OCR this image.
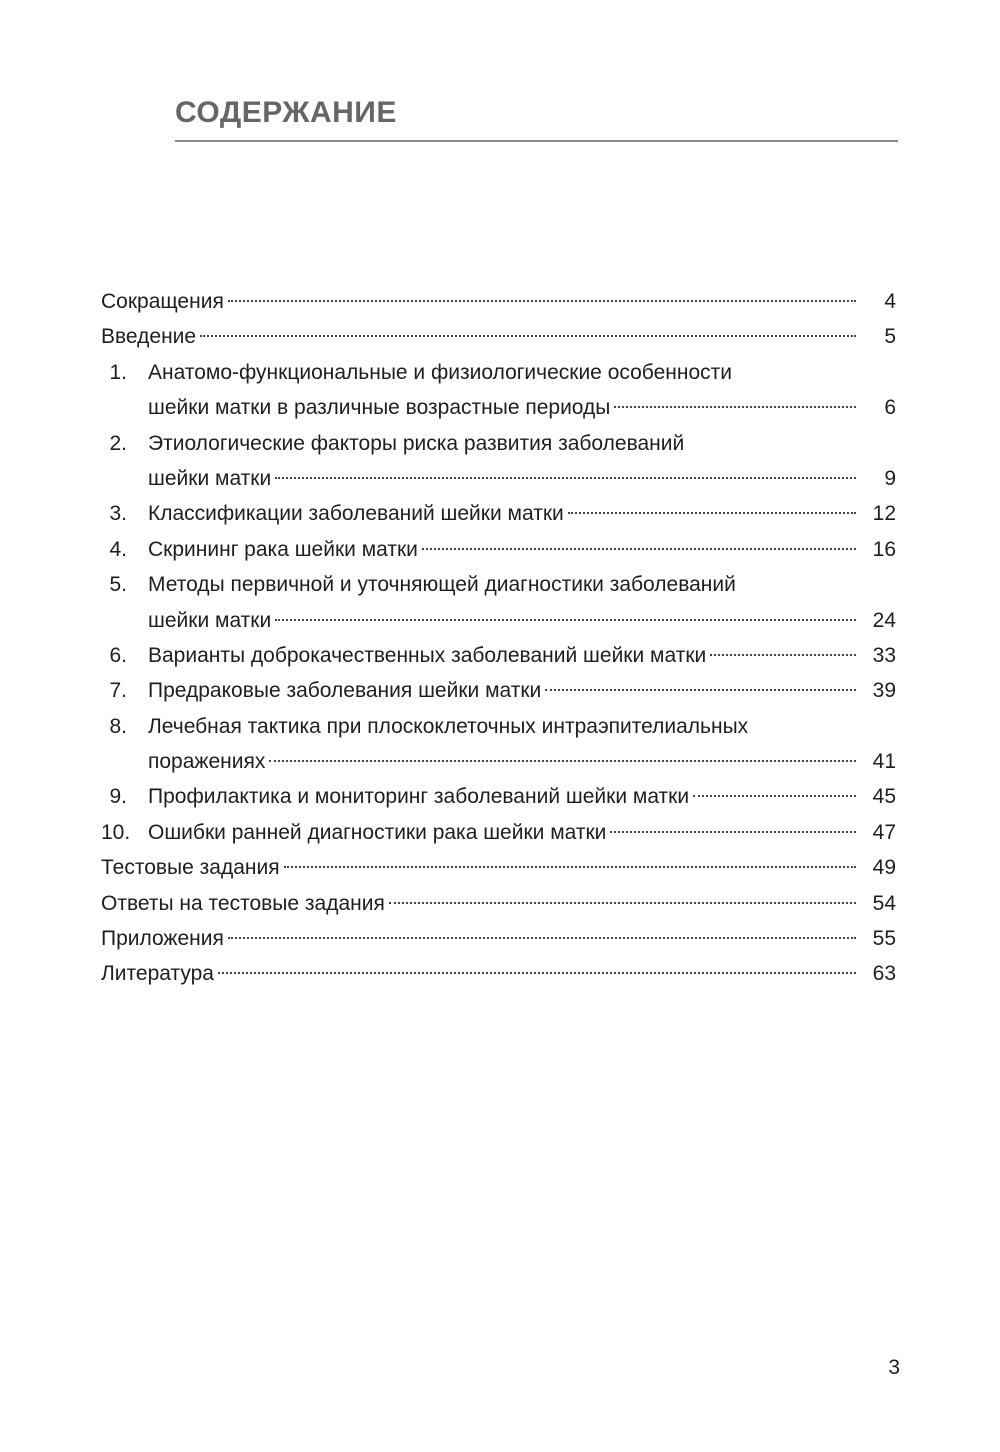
СОДЕРЖАНИЕ
Сокращения	4
Введение	5
1. Анатомо-функциональные и физиологические особенности
шейки матки в различные возрастные периоды	6
2. Этиологические факторы риска развития заболеваний
шейки матки	9
3. Классификации заболеваний шейки матки	12
4. Скрининг рака шейки матки	16
5. Методы первичной и уточняющей диагностики заболеваний
шейки матки	24
6. Варианты доброкачественных заболеваний шейки матки	33
7. Предраковые заболевания шейки матки	39
8. Лечебная тактика при плоскоклеточных интраэпителиальных
поражениях	41
9. Профилактика и мониторинг заболеваний шейки матки	45
10. Ошибки ранней диагностики рака шейки матки	47
Тестовые задания	49
Ответы на тестовые задания	54
Приложения	55
Литература	63
3
